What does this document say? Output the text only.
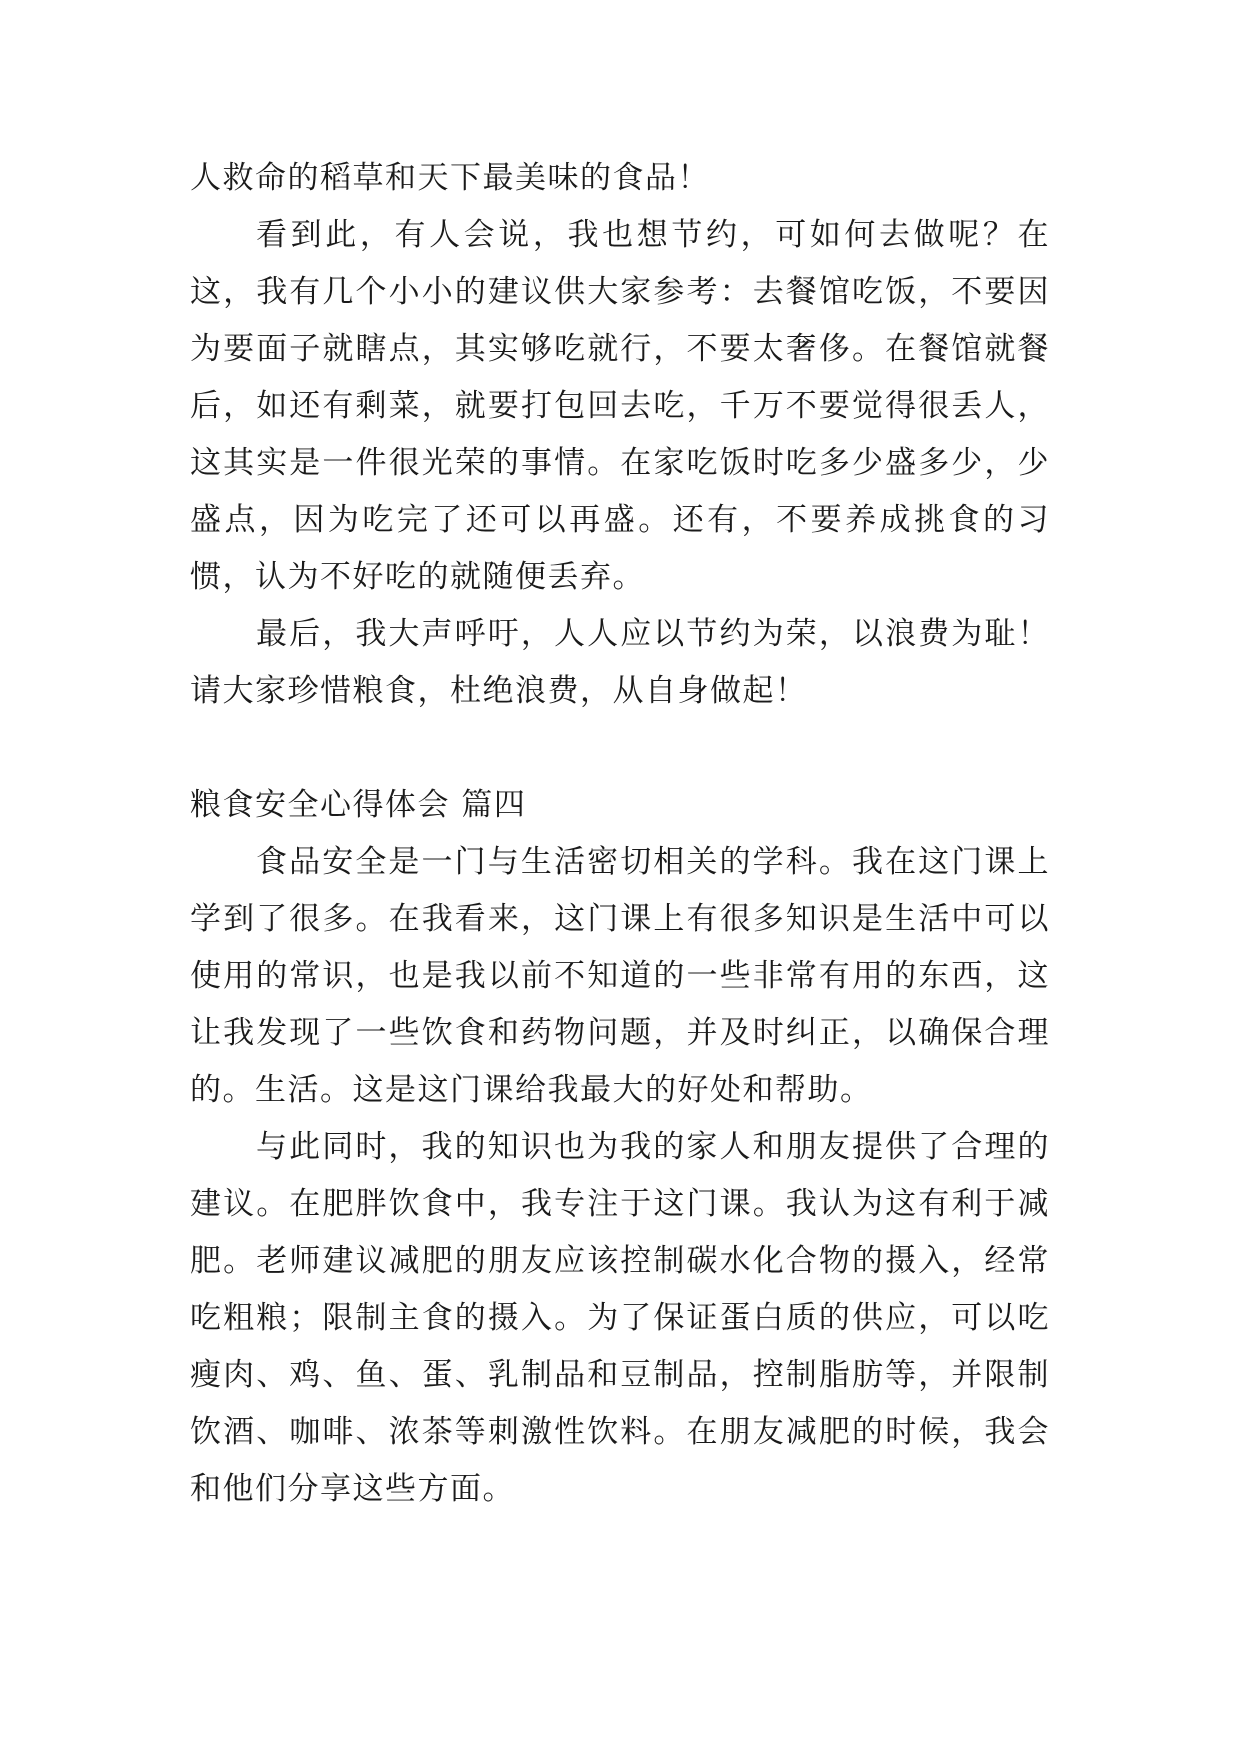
人救命的稻草和天下最美味的食品！

看到此，有人会说，我也想节约，可如何去做呢？在这，我有几个小小的建议供大家参考：去餐馆吃饭，不要因为要面子就瞎点，其实够吃就行，不要太奢侈。在餐馆就餐后，如还有剩菜，就要打包回去吃，千万不要觉得很丢人，这其实是一件很光荣的事情。在家吃饭时吃多少盛多少，少盛点，因为吃完了还可以再盛。还有，不要养成挑食的习惯，认为不好吃的就随便丢弃。

最后，我大声呼吁，人人应以节约为荣，以浪费为耻！请大家珍惜粮食，杜绝浪费，从自身做起！

粮食安全心得体会 篇四

食品安全是一门与生活密切相关的学科。我在这门课上学到了很多。在我看来，这门课上有很多知识是生活中可以使用的常识，也是我以前不知道的一些非常有用的东西，这让我发现了一些饮食和药物问题，并及时纠正，以确保合理的。生活。这是这门课给我最大的好处和帮助。

与此同时，我的知识也为我的家人和朋友提供了合理的建议。在肥胖饮食中，我专注于这门课。我认为这有利于减肥。老师建议减肥的朋友应该控制碳水化合物的摄入，经常吃粗粮；限制主食的摄入。为了保证蛋白质的供应，可以吃瘦肉、鸡、鱼、蛋、乳制品和豆制品，控制脂肪等，并限制饮酒、咖啡、浓茶等刺激性饮料。在朋友减肥的时候，我会和他们分享这些方面。
